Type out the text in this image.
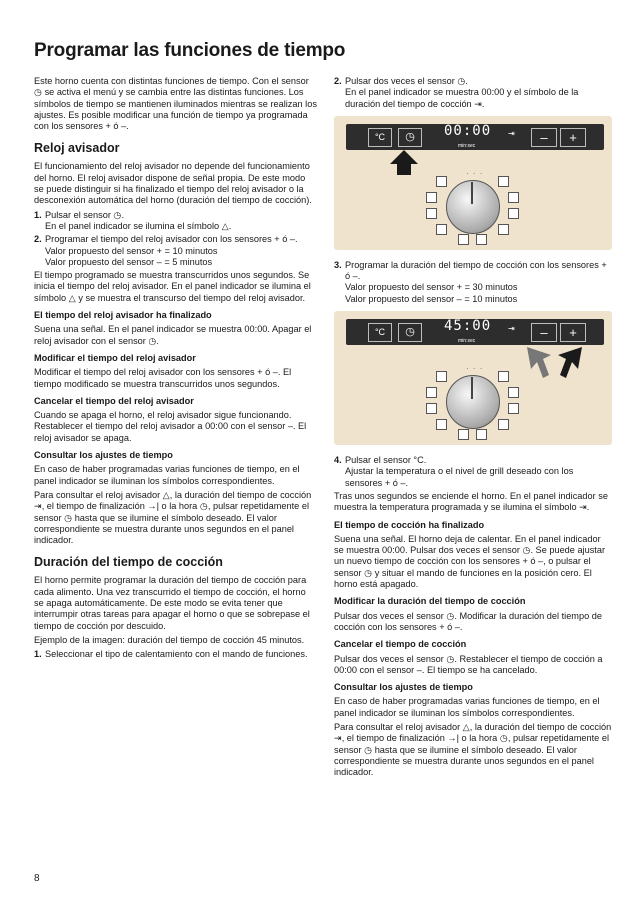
Programar las funciones de tiempo

Este horno cuenta con distintas funciones de tiempo. Con el sensor ◷ se activa el menú y se cambia entre las distintas funciones. Los símbolos de tiempo se mantienen iluminados mientras se realizan los ajustes. Es posible modificar una función de tiempo ya programada con los sensores + ó –.

Reloj avisador

El funcionamiento del reloj avisador no depende del funcionamiento del horno. El reloj avisador dispone de señal propia. De este modo se puede distinguir si ha finalizado el tiempo del reloj avisador o la desconexión automática del horno (duración del tiempo de cocción).

1. Pulsar el sensor ◷.
En el panel indicador se ilumina el símbolo △.
2. Programar el tiempo del reloj avisador con los sensores + ó –.
Valor propuesto del sensor + = 10 minutos
Valor propuesto del sensor – = 5 minutos

El tiempo programado se muestra transcurridos unos segundos. Se inicia el tiempo del reloj avisador. En el panel indicador se ilumina el símbolo △ y se muestra el transcurso del tiempo del reloj avisador.

El tiempo del reloj avisador ha finalizado

Suena una señal. En el panel indicador se muestra 00:00. Apagar el reloj avisador con el sensor ◷.

Modificar el tiempo del reloj avisador

Modificar el tiempo del reloj avisador con los sensores + ó –. El tiempo modificado se muestra transcurridos unos segundos.

Cancelar el tiempo del reloj avisador

Cuando se apaga el horno, el reloj avisador sigue funcionando. Restablecer el tiempo del reloj avisador a 00:00 con el sensor –. El reloj avisador se apaga.

Consultar los ajustes de tiempo

En caso de haber programadas varias funciones de tiempo, en el panel indicador se iluminan los símbolos correspondientes.

Para consultar el reloj avisador △, la duración del tiempo de cocción ⇥, el tiempo de finalización →| o la hora ◷, pulsar repetidamente el sensor ◷ hasta que se ilumine el símbolo deseado. El valor correspondiente se muestra durante unos segundos en el panel indicador.

Duración del tiempo de cocción

El horno permite programar la duración del tiempo de cocción para cada alimento. Una vez transcurrido el tiempo de cocción, el horno se apaga automáticamente. De este modo se evita tener que interrumpir otras tareas para apagar el horno o que se sobrepase el tiempo de cocción por descuido.

Ejemplo de la imagen: duración del tiempo de cocción 45 minutos.

1. Seleccionar el tipo de calentamiento con el mando de funciones.
2. Pulsar dos veces el sensor ◷.
En el panel indicador se muestra 00:00 y el símbolo de la duración del tiempo de cocción ⇥.
°C	◷	00:00
min:sec
⇥	–	+
· · ·
3. Programar la duración del tiempo de cocción con los sensores + ó –.
Valor propuesto del sensor + = 30 minutos
Valor propuesto del sensor – = 10 minutos
°C	◷	45:00
min:sec
⇥	–	+
· · ·
4. Pulsar el sensor °C.
Ajustar la temperatura o el nivel de grill deseado con los sensores + ó –.

Tras unos segundos se enciende el horno. En el panel indicador se muestra la temperatura programada y se ilumina el símbolo ⇥.

El tiempo de cocción ha finalizado

Suena una señal. El horno deja de calentar. En el panel indicador se muestra 00:00. Pulsar dos veces el sensor ◷. Se puede ajustar un nuevo tiempo de cocción con los sensores + ó –, o pulsar el sensor ◷ y situar el mando de funciones en la posición cero. El horno está apagado.

Modificar la duración del tiempo de cocción

Pulsar dos veces el sensor ◷. Modificar la duración del tiempo de cocción con los sensores + ó –.

Cancelar el tiempo de cocción

Pulsar dos veces el sensor ◷. Restablecer el tiempo de cocción a 00:00 con el sensor –. El tiempo se ha cancelado.

Consultar los ajustes de tiempo

En caso de haber programadas varias funciones de tiempo, en el panel indicador se iluminan los símbolos correspondientes.

Para consultar el reloj avisador △, la duración del tiempo de cocción ⇥, el tiempo de finalización →| o la hora ◷, pulsar repetidamente el sensor ◷ hasta que se ilumine el símbolo deseado. El valor correspondiente se muestra durante unos segundos en el panel indicador.

8
